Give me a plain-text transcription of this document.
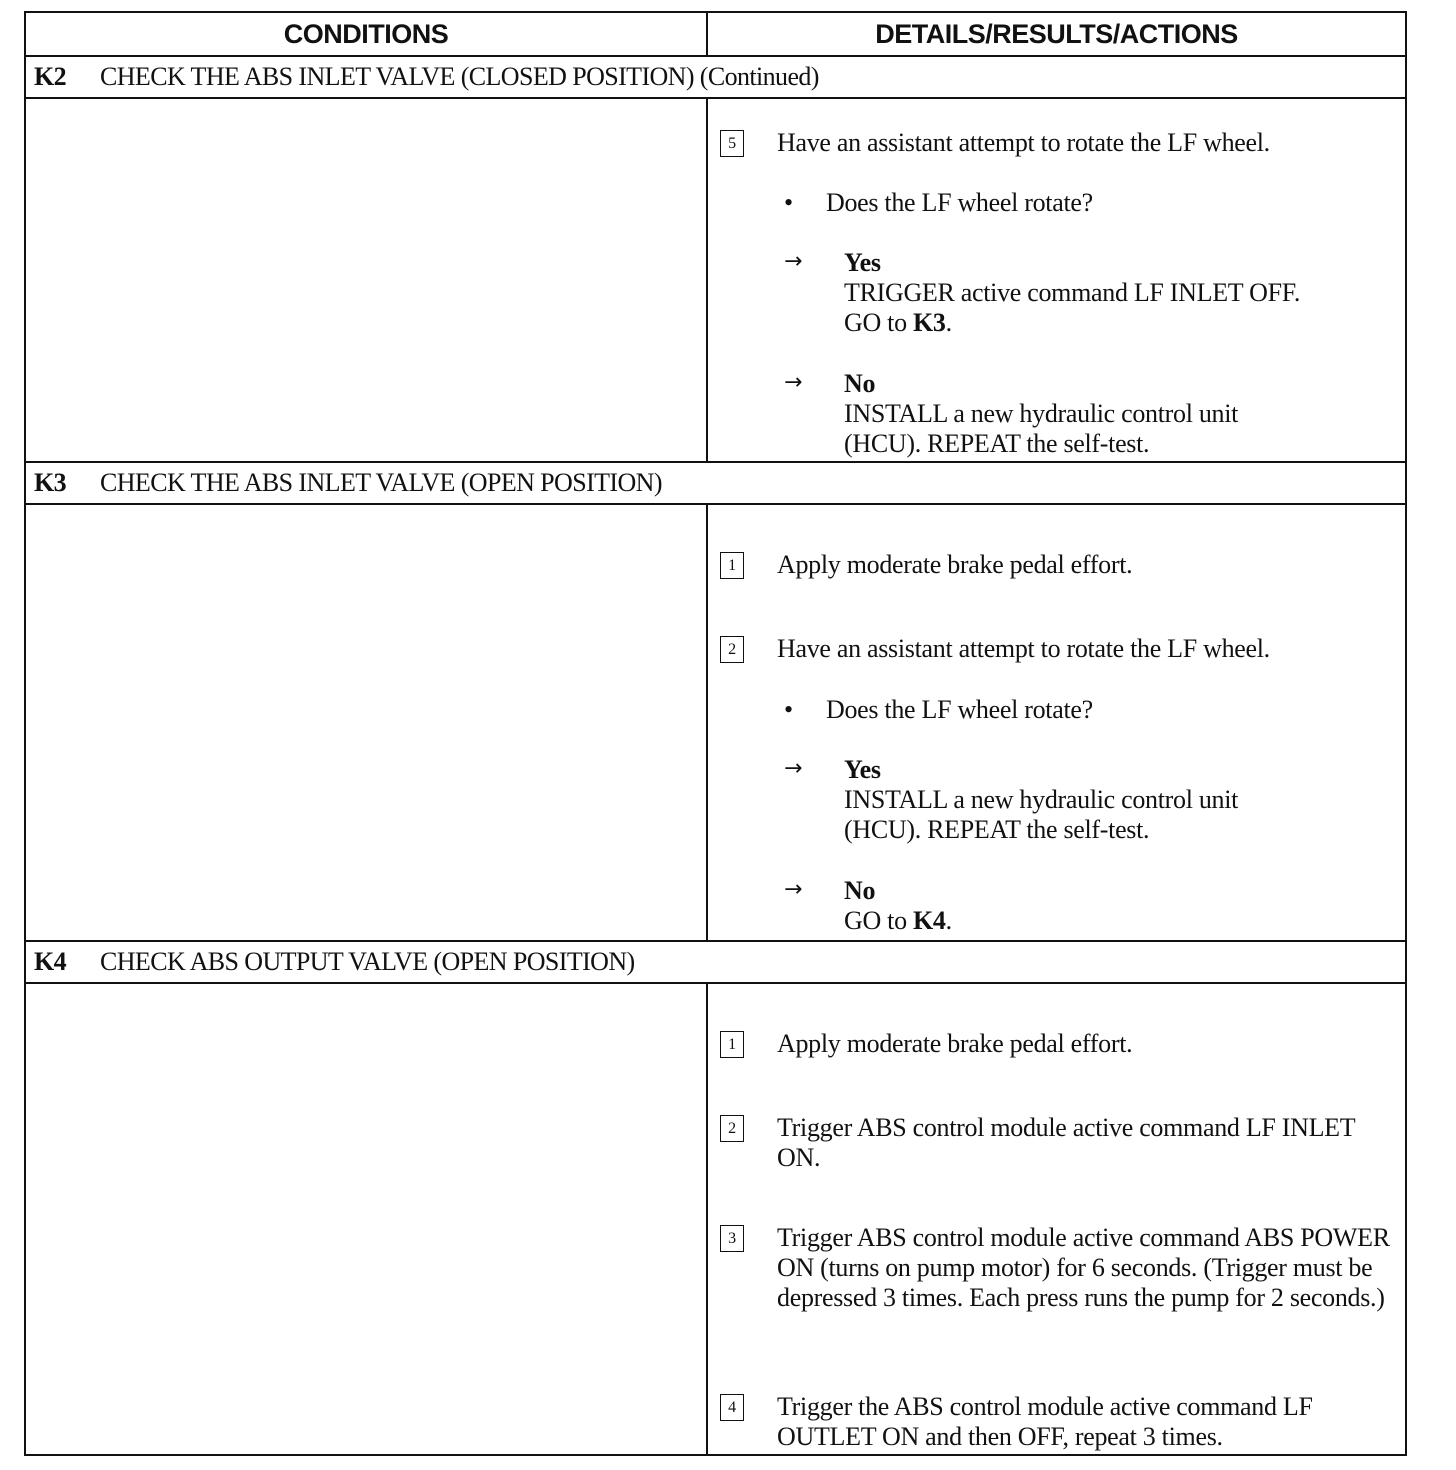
CONDITIONS	DETAILS/RESULTS/ACTIONS
K2	CHECK THE ABS INLET VALVE (CLOSED POSITION) (Continued)
5	Have an assistant attempt to rotate the LF wheel.
• Does the LF wheel rotate?
→ Yes
TRIGGER active command LF INLET OFF.
GO to K3.
→ No
INSTALL a new hydraulic control unit
(HCU). REPEAT the self-test.
K3	CHECK THE ABS INLET VALVE (OPEN POSITION)
1	Apply moderate brake pedal effort.
2	Have an assistant attempt to rotate the LF wheel.
• Does the LF wheel rotate?
→ Yes
INSTALL a new hydraulic control unit
(HCU). REPEAT the self-test.
→ No
GO to K4.
K4	CHECK ABS OUTPUT VALVE (OPEN POSITION)
1	Apply moderate brake pedal effort.
2	Trigger ABS control module active command LF INLET ON.
3	Trigger ABS control module active command ABS POWER ON (turns on pump motor) for 6 seconds. (Trigger must be depressed 3 times. Each press runs the pump for 2 seconds.)
4	Trigger the ABS control module active command LF OUTLET ON and then OFF, repeat 3 times.
